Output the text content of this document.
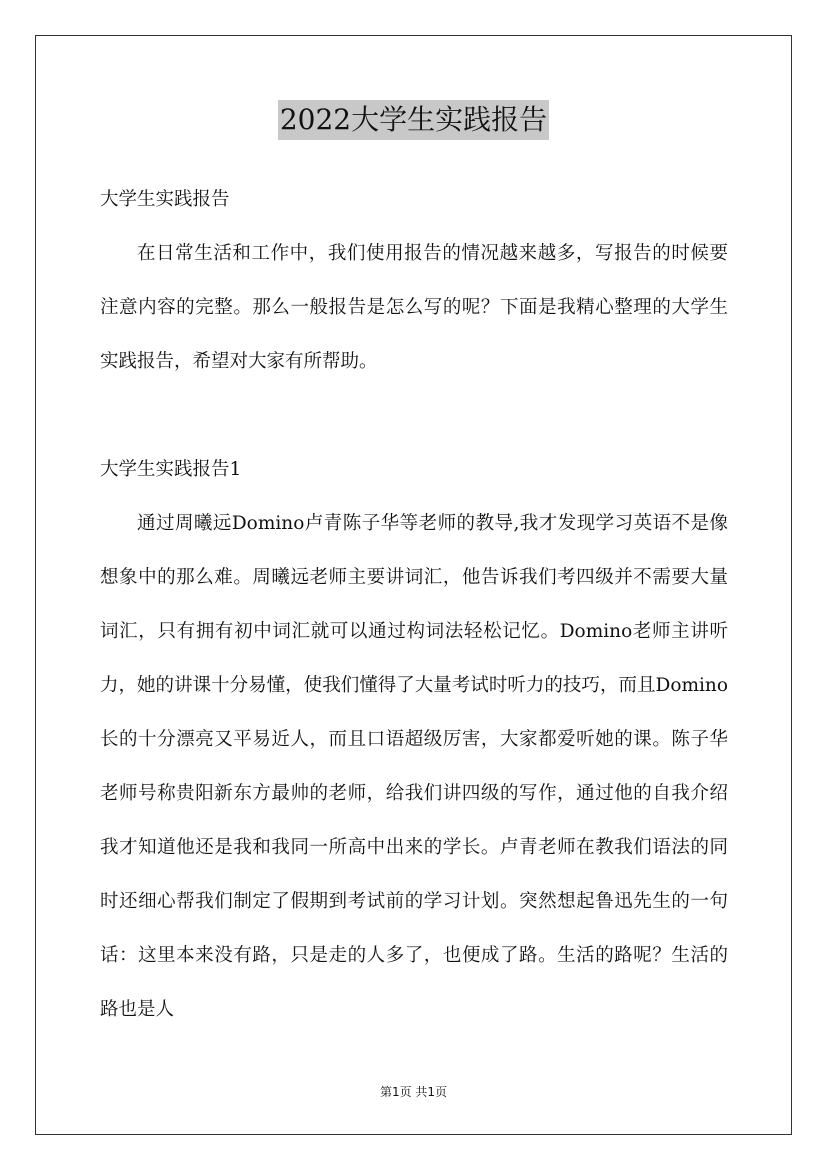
2022大学生实践报告

大学生实践报告

在日常生活和工作中，我们使用报告的情况越来越多，写报告的时候要注意内容的完整。那么一般报告是怎么写的呢？下面是我精心整理的大学生实践报告，希望对大家有所帮助。

大学生实践报告1

通过周曦远Domino卢青陈子华等老师的教导,我才发现学习英语不是像想象中的那么难。周曦远老师主要讲词汇，他告诉我们考四级并不需要大量词汇，只有拥有初中词汇就可以通过构词法轻松记忆。Domino老师主讲听力，她的讲课十分易懂，使我们懂得了大量考试时听力的技巧，而且Domino长的十分漂亮又平易近人，而且口语超级厉害，大家都爱听她的课。陈子华老师号称贵阳新东方最帅的老师，给我们讲四级的写作，通过他的自我介绍我才知道他还是我和我同一所高中出来的学长。卢青老师在教我们语法的同时还细心帮我们制定了假期到考试前的学习计划。突然想起鲁迅先生的一句话：这里本来没有路，只是走的人多了，也便成了路。生活的路呢？生活的路也是人

第1页 共1页
